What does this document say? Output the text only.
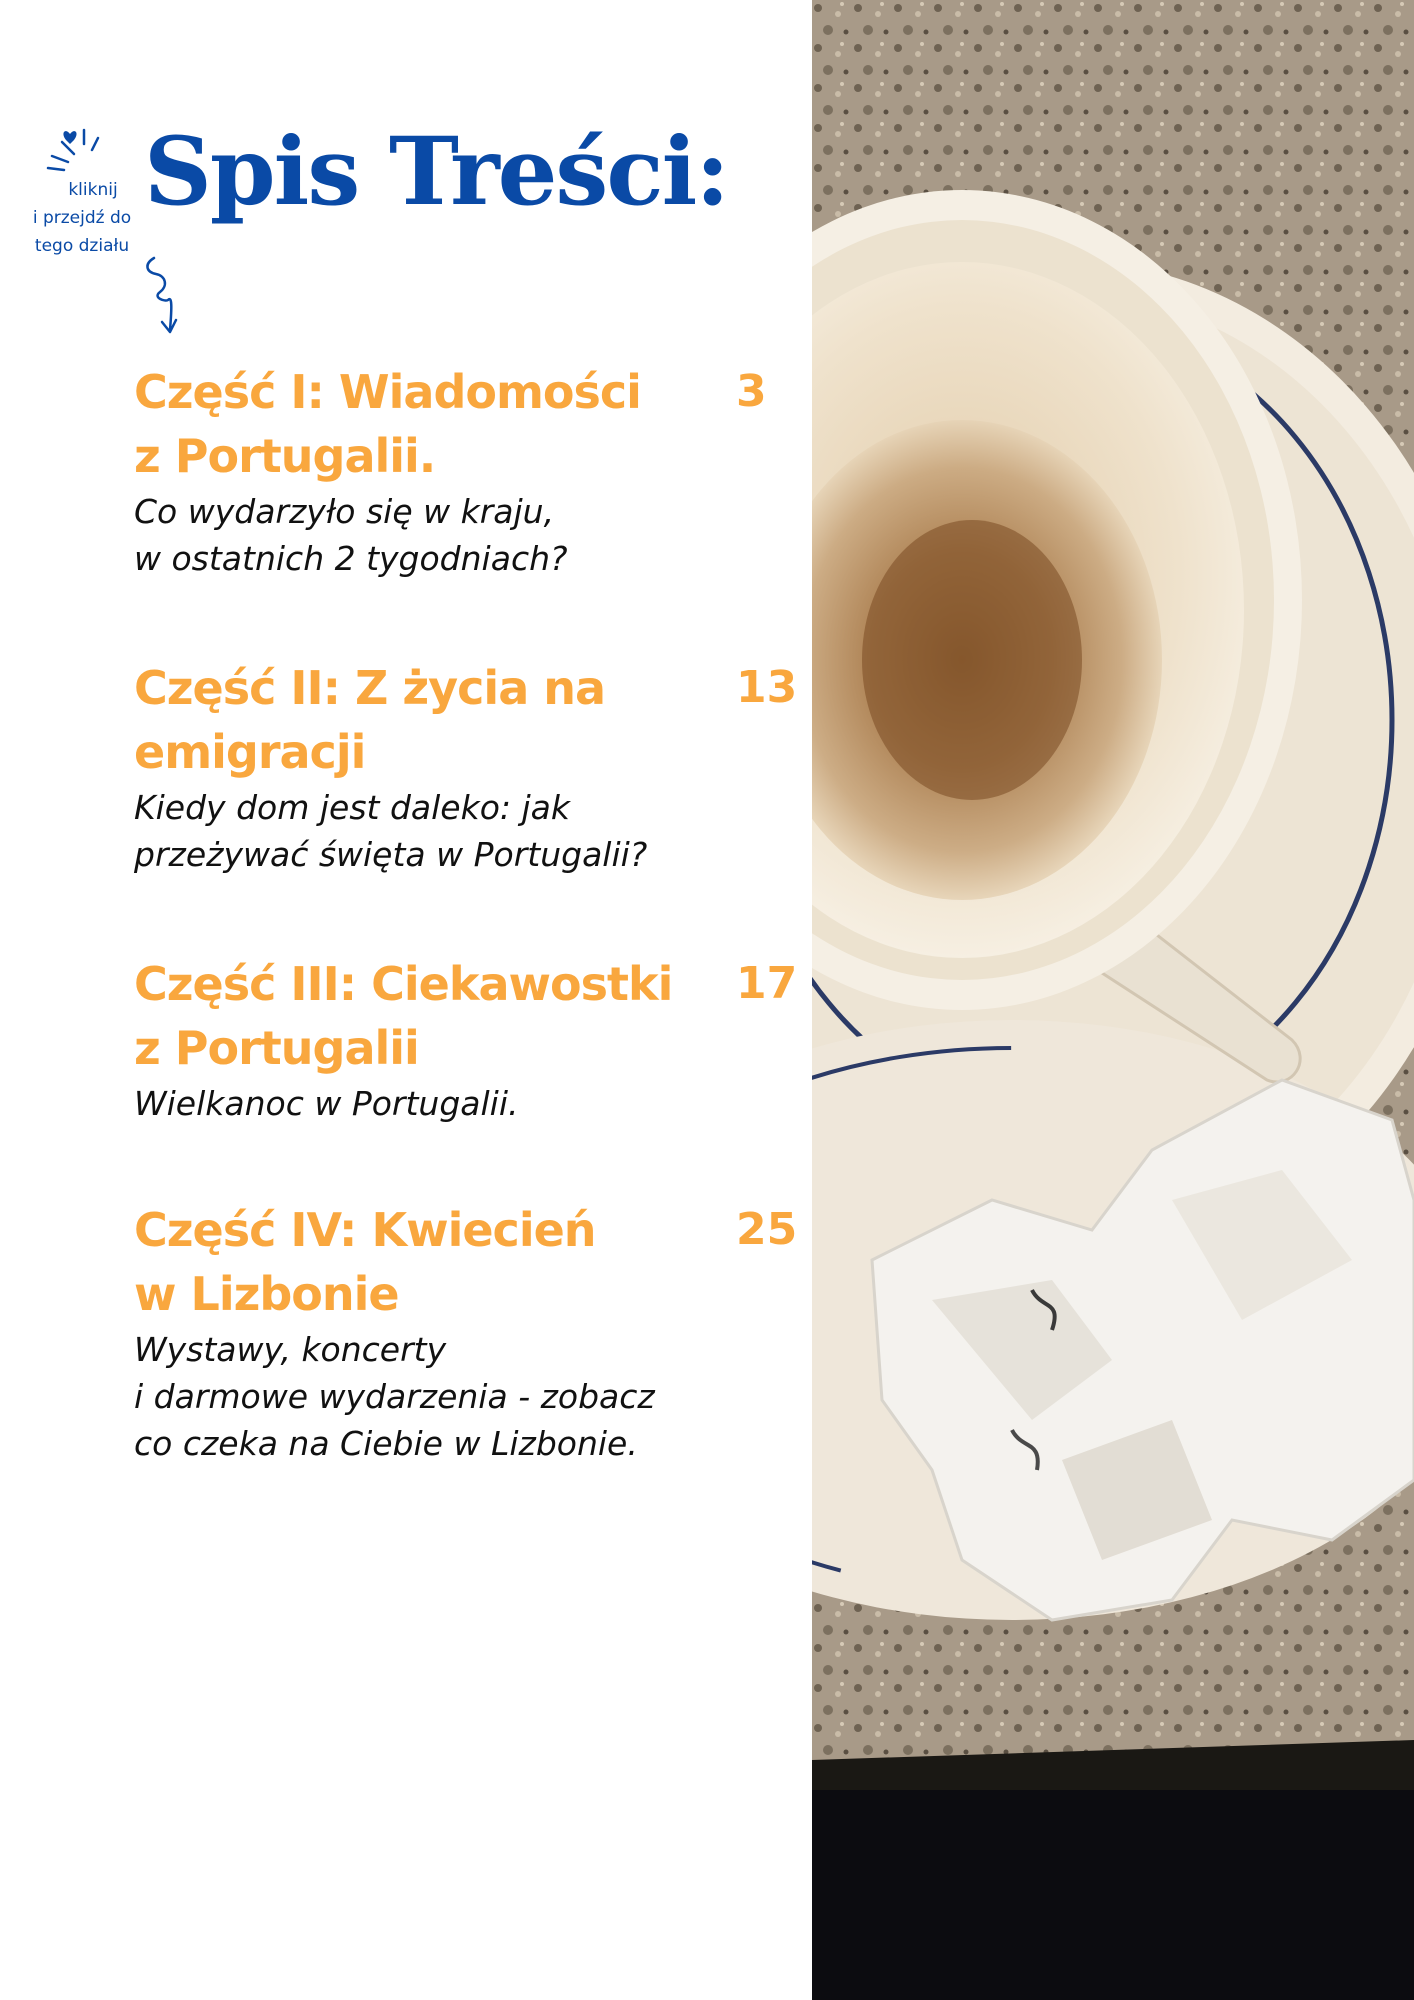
kliknij
i przejdź do
tego działu
Spis Treści:
Część I: Wiadomości
z Portugalii.
3

Co wydarzyło się w kraju,
w ostatnich 2 tygodniach?

Część II: Z życia na
emigracji
13

Kiedy dom jest daleko: jak
przeżywać święta w Portugalii?

Część III: Ciekawostki
z Portugalii
17

Wielkanoc w Portugalii.

Część IV: Kwiecień
w Lizbonie
25

Wystawy, koncerty
i darmowe wydarzenia - zobacz
co czeka na Ciebie w Lizbonie.
